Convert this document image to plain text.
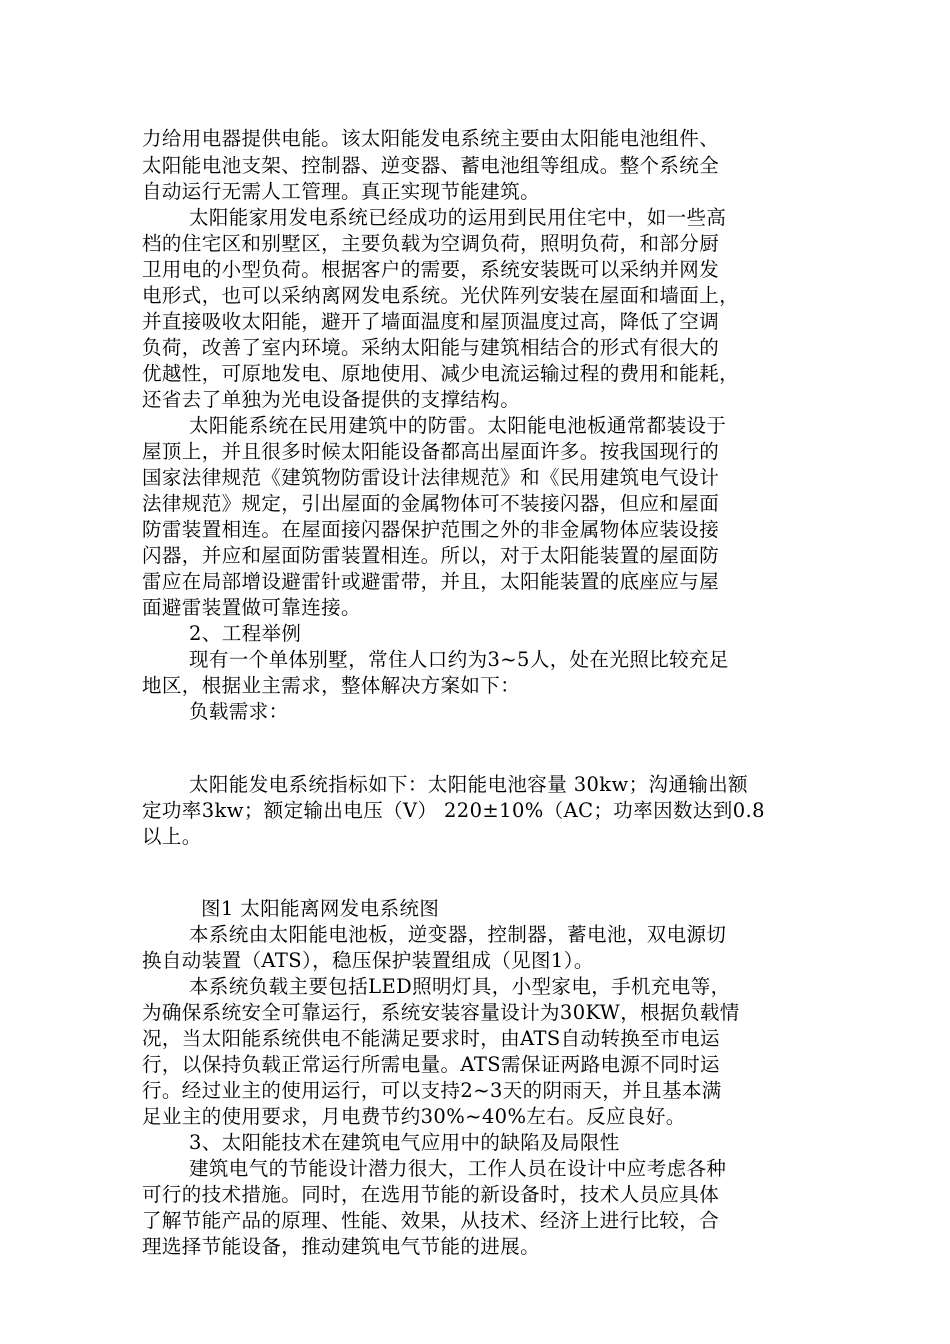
力给用电器提供电能。该太阳能发电系统主要由太阳能电池组件、
太阳能电池支架、控制器、逆变器、蓄电池组等组成。整个系统全
自动运行无需人工管理。真正实现节能建筑。
太阳能家用发电系统已经成功的运用到民用住宅中，如一些高
档的住宅区和别墅区，主要负载为空调负荷，照明负荷，和部分厨
卫用电的小型负荷。根据客户的需要，系统安装既可以采纳并网发
电形式，也可以采纳离网发电系统。光伏阵列安装在屋面和墙面上，
并直接吸收太阳能，避开了墙面温度和屋顶温度过高，降低了空调
负荷，改善了室内环境。采纳太阳能与建筑相结合的形式有很大的
优越性，可原地发电、原地使用、减少电流运输过程的费用和能耗，
还省去了单独为光电设备提供的支撑结构。
太阳能系统在民用建筑中的防雷。太阳能电池板通常都装设于
屋顶上，并且很多时候太阳能设备都高出屋面许多。按我国现行的
国家法律规范《建筑物防雷设计法律规范》和《民用建筑电气设计
法律规范》规定，引出屋面的金属物体可不装接闪器，但应和屋面
防雷装置相连。在屋面接闪器保护范围之外的非金属物体应装设接
闪器，并应和屋面防雷装置相连。所以，对于太阳能装置的屋面防
雷应在局部增设避雷针或避雷带，并且，太阳能装置的底座应与屋
面避雷装置做可靠连接。
2、工程举例
现有一个单体别墅，常住人口约为3~5人，处在光照比较充足
地区，根据业主需求，整体解决方案如下：
负载需求：
太阳能发电系统指标如下：太阳能电池容量 30kw；沟通输出额
定功率3kw；额定输出电压（V） 220±10%（AC；功率因数达到0.8
以上。
图1 太阳能离网发电系统图
本系统由太阳能电池板，逆变器，控制器，蓄电池，双电源切
换自动装置（ATS），稳压保护装置组成（见图1）。
本系统负载主要包括LED照明灯具，小型家电，手机充电等，
为确保系统安全可靠运行，系统安装容量设计为30KW，根据负载情
况，当太阳能系统供电不能满足要求时，由ATS自动转换至市电运
行，以保持负载正常运行所需电量。ATS需保证两路电源不同时运
行。经过业主的使用运行，可以支持2~3天的阴雨天，并且基本满
足业主的使用要求，月电费节约30%~40%左右。反应良好。
3、太阳能技术在建筑电气应用中的缺陷及局限性
建筑电气的节能设计潜力很大，工作人员在设计中应考虑各种
可行的技术措施。同时，在选用节能的新设备时，技术人员应具体
了解节能产品的原理、性能、效果，从技术、经济上进行比较，合
理选择节能设备，推动建筑电气节能的进展。
